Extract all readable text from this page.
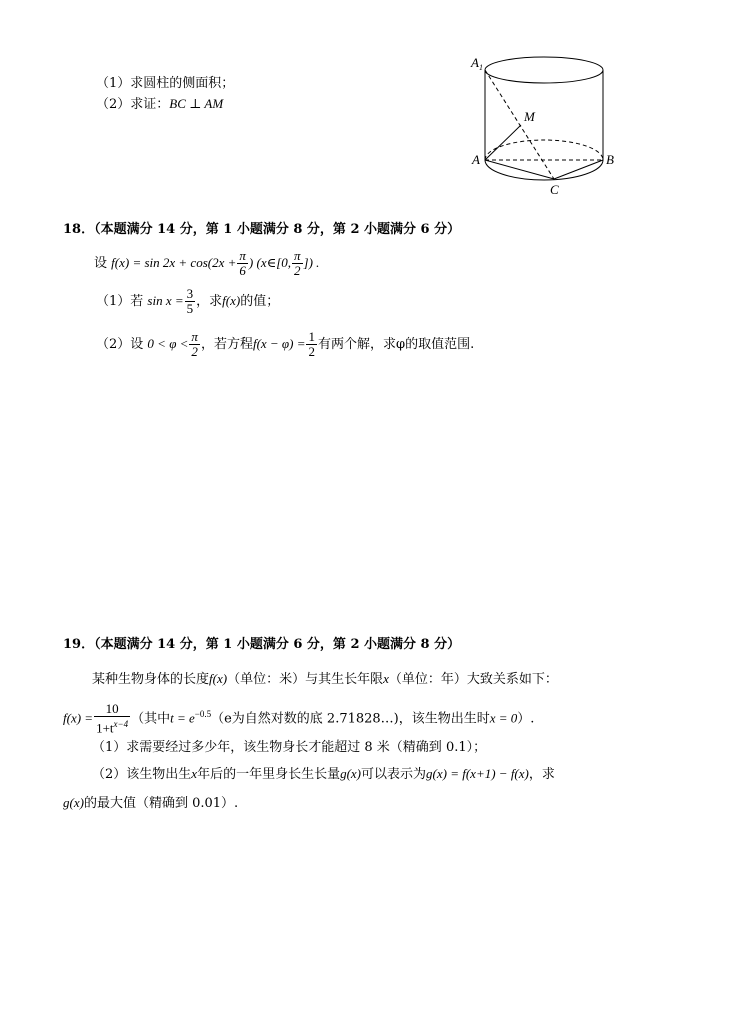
（1）求圆柱的侧面积；
（2）求证：BC ⊥ AM
$A_1$
M
A	B
C
18．（本题满分 14 分，第 1 小题满分 8 分，第 2 小题满分 6 分）
设 $f(x) = \sin 2x + \cos(2x + \frac{\pi}{6}$ ) (x∈[0, $\frac{\pi}{2}$ ]) .
（1）若 $\sin x = \frac{3}{5}$ ，求f(x)的值；
（2）设 $0 < \varphi < \frac{\pi}{2}$ ，若方程$f(x - \varphi) = \frac{1}{2}$ 有两个解，求φ的取值范围.
19．（本题满分 14 分，第 1 小题满分 6 分，第 2 小题满分 8 分）
某种生物身体的长度f(x)（单位：米）与其生长年限x（单位：年）大致关系如下：
$f(x) = \frac{10}{1+t^{x-4}}$ （其中$t = e^{-0.5}(e$为自然对数的底 2.71828…)，该生物出生时x = 0）.
（1）求需要经过多少年，该生物身长才能超过 8 米（精确到 0.1）；
（2）该生物出生x年后的一年里身长生长量g(x)可以表示为g(x) = f(x+1) − f(x)，求
g(x)的最大值（精确到 0.01）.
